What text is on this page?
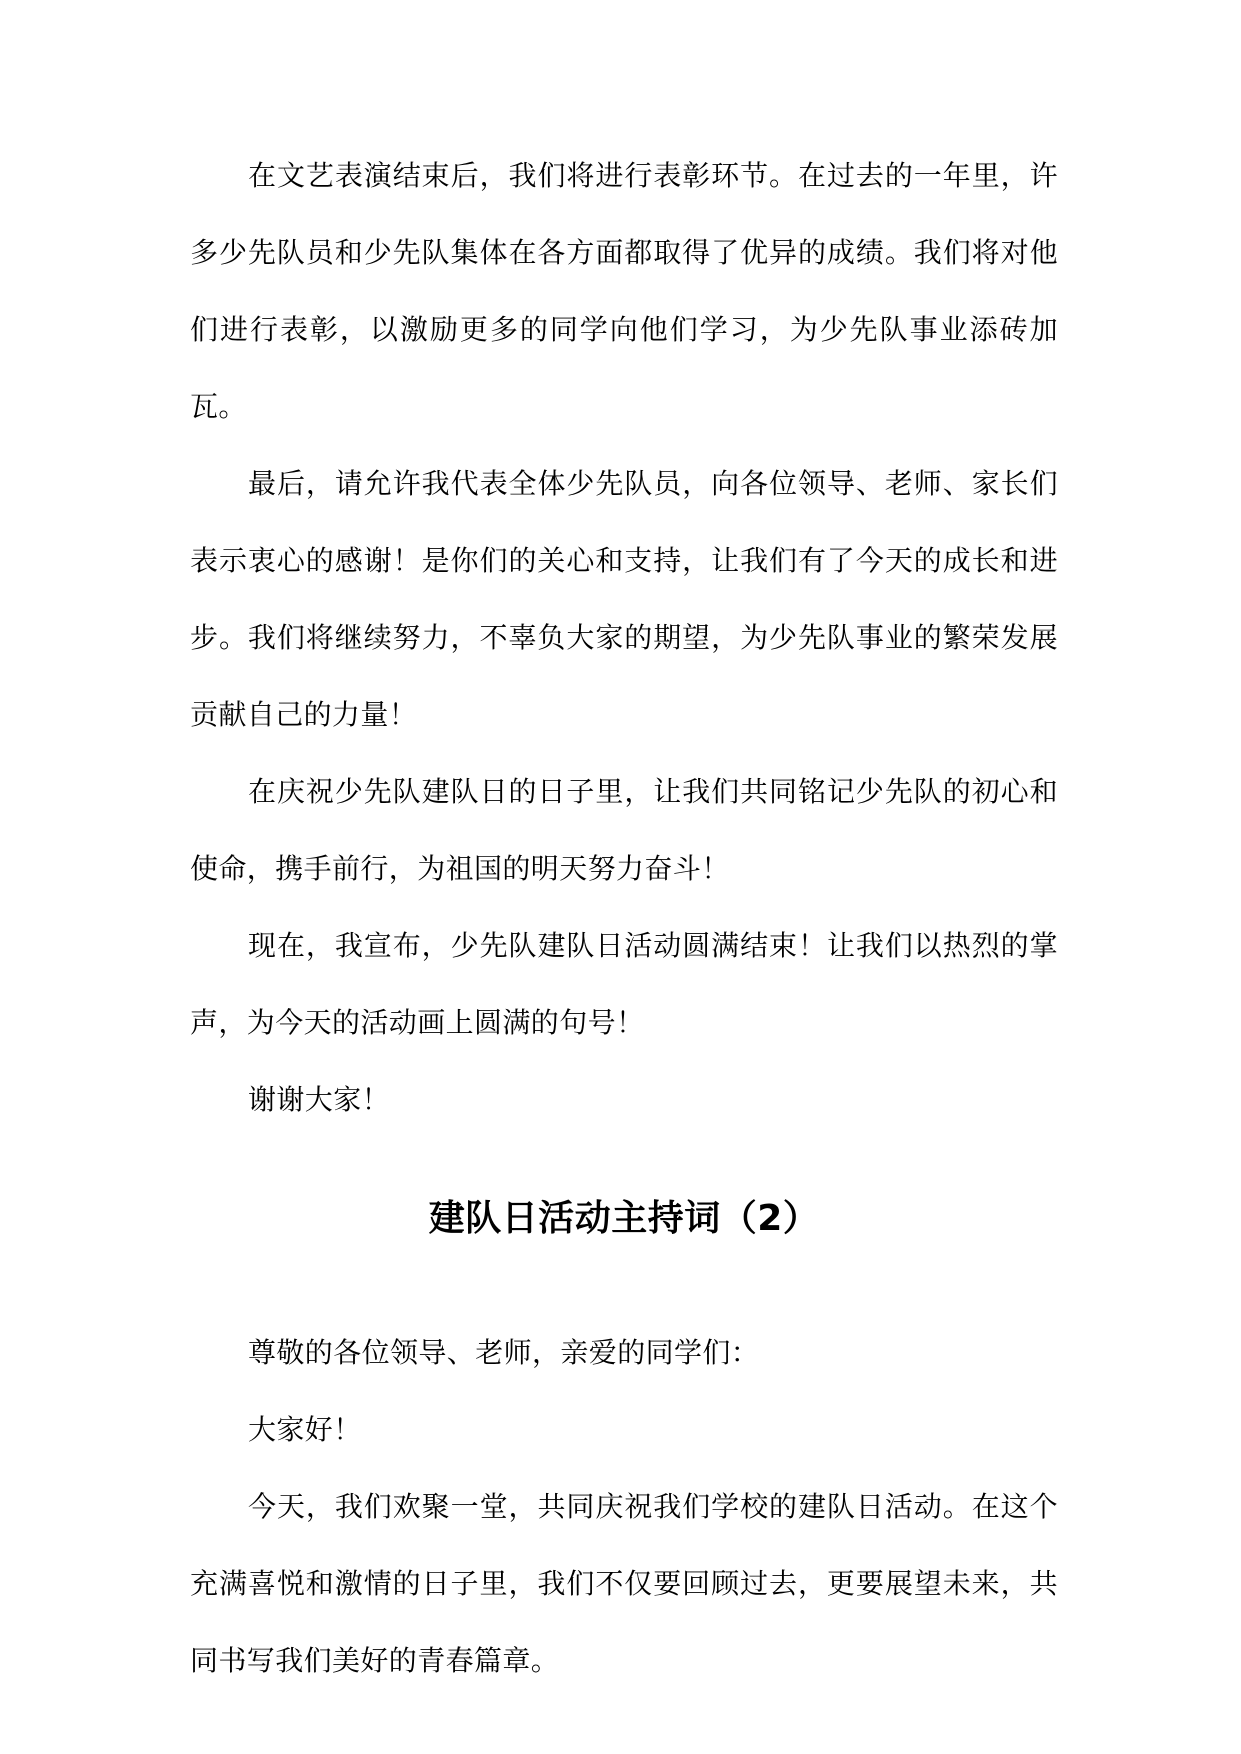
在文艺表演结束后，我们将进行表彰环节。在过去的一年里，许多少先队员和少先队集体在各方面都取得了优异的成绩。我们将对他们进行表彰，以激励更多的同学向他们学习，为少先队事业添砖加瓦。

最后，请允许我代表全体少先队员，向各位领导、老师、家长们表示衷心的感谢！是你们的关心和支持，让我们有了今天的成长和进步。我们将继续努力，不辜负大家的期望，为少先队事业的繁荣发展贡献自己的力量！

在庆祝少先队建队日的日子里，让我们共同铭记少先队的初心和使命，携手前行，为祖国的明天努力奋斗！

现在，我宣布，少先队建队日活动圆满结束！让我们以热烈的掌声，为今天的活动画上圆满的句号！

谢谢大家！

建队日活动主持词（2）

尊敬的各位领导、老师，亲爱的同学们：

大家好！

今天，我们欢聚一堂，共同庆祝我们学校的建队日活动。在这个充满喜悦和激情的日子里，我们不仅要回顾过去，更要展望未来，共同书写我们美好的青春篇章。
